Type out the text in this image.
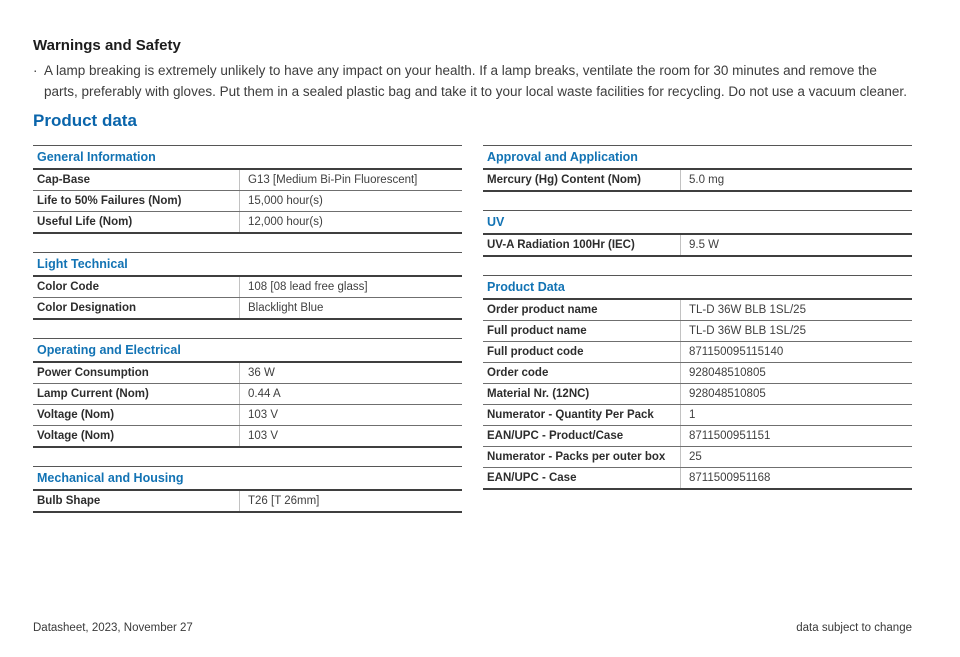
Warnings and Safety
· A lamp breaking is extremely unlikely to have any impact on your health. If a lamp breaks, ventilate the room for 30 minutes and remove the parts, preferably with gloves. Put them in a sealed plastic bag and take it to your local waste facilities for recycling. Do not use a vacuum cleaner.
Product data
General Information
Cap-Base	G13 [Medium Bi-Pin Fluorescent]
Life to 50% Failures (Nom)	15,000 hour(s)
Useful Life (Nom)	12,000 hour(s)
Light Technical
Color Code	108 [08 lead free glass]
Color Designation	Blacklight Blue
Operating and Electrical
Power Consumption	36 W
Lamp Current (Nom)	0.44 A
Voltage (Nom)	103 V
Voltage (Nom)	103 V
Mechanical and Housing
Bulb Shape	T26 [T 26mm]
Approval and Application
Mercury (Hg) Content (Nom)	5.0 mg
UV
UV-A Radiation 100Hr (IEC)	9.5 W
Product Data
Order product name	TL-D 36W BLB 1SL/25
Full product name	TL-D 36W BLB 1SL/25
Full product code	871150095115140
Order code	928048510805
Material Nr. (12NC)	928048510805
Numerator - Quantity Per Pack	1
EAN/UPC - Product/Case	8711500951151
Numerator - Packs per outer box	25
EAN/UPC - Case	8711500951168
Datasheet, 2023, November 27	data subject to change
